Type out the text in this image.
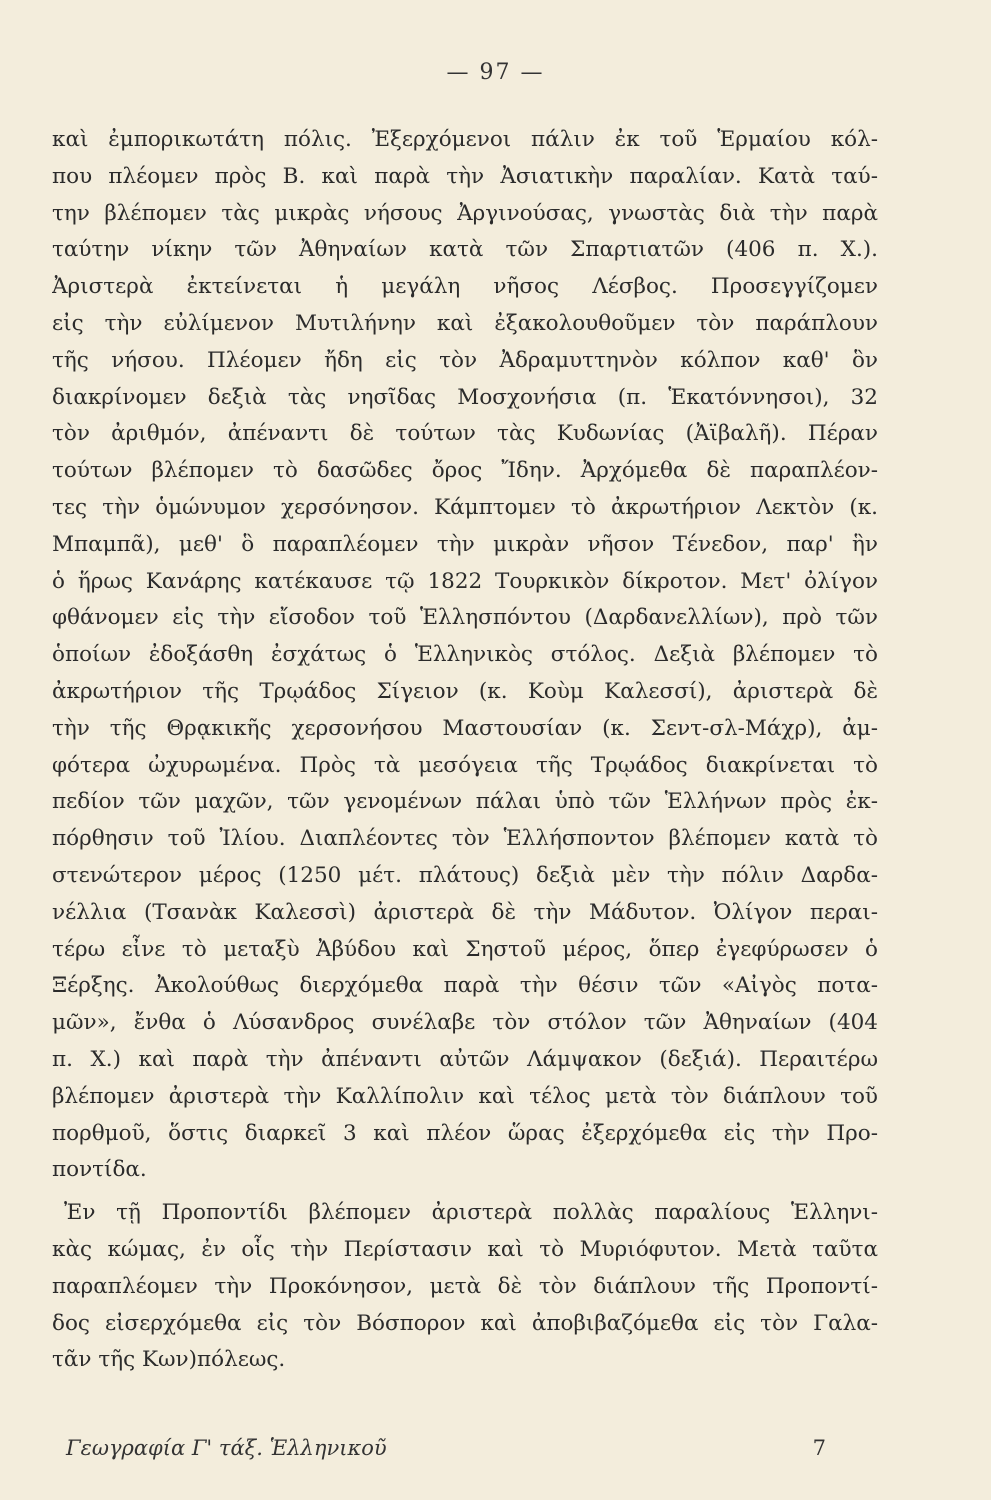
— 97 —
καὶ ἐμπορικωτάτη πόλις. Ἐξερχόμενοι πάλιν ἐκ τοῦ Ἑρμαίου κόλ-
που πλέομεν πρὸς Β. καὶ παρὰ τὴν Ἀσιατικὴν παραλίαν. Κατὰ ταύ-
την βλέπομεν τὰς μικρὰς νήσους Ἀργινούσας, γνωστὰς διὰ τὴν παρὰ
ταύτην νίκην τῶν Ἀθηναίων κατὰ τῶν Σπαρτιατῶν (406 π. Χ.).
Ἀριστερὰ ἐκτείνεται ἡ μεγάλη νῆσος Λέσβος. Προσεγγίζομεν
εἰς τὴν εὐλίμενον Μυτιλήνην καὶ ἐξακολουθοῦμεν τὸν παράπλουν
τῆς νήσου. Πλέομεν ἤδη εἰς τὸν Ἀδραμυττηνὸν κόλπον καθ' ὃν
διακρίνομεν δεξιὰ τὰς νησῖδας Μοσχονήσια (π. Ἑκατόννησοι), 32
τὸν ἀριθμόν, ἀπέναντι δὲ τούτων τὰς Κυδωνίας (Ἀϊβαλῆ). Πέραν
τούτων βλέπομεν τὸ δασῶδες ὄρος Ἴδην. Ἀρχόμεθα δὲ παραπλέον-
τες τὴν ὁμώνυμον χερσόνησον. Κάμπτομεν τὸ ἀκρωτήριον Λεκτὸν (κ.
Μπαμπᾶ), μεθ' ὃ παραπλέομεν τὴν μικρὰν νῆσον Τένεδον, παρ' ἣν
ὁ ἥρως Κανάρης κατέκαυσε τῷ 1822 Τουρκικὸν δίκροτον. Μετ' ὀλίγον
φθάνομεν εἰς τὴν εἴσοδον τοῦ Ἑλλησπόντου (Δαρδανελλίων), πρὸ τῶν
ὁποίων ἐδοξάσθη ἐσχάτως ὁ Ἑλληνικὸς στόλος. Δεξιὰ βλέπομεν τὸ
ἀκρωτήριον τῆς Τρῳάδος Σίγειον (κ. Κοὺμ Καλεσσί), ἀριστερὰ δὲ
τὴν τῆς Θρᾳκικῆς χερσονήσου Μαστουσίαν (κ. Σεντ-σλ-Μάχρ), ἀμ-
φότερα ὠχυρωμένα. Πρὸς τὰ μεσόγεια τῆς Τρῳάδος διακρίνεται τὸ
πεδίον τῶν μαχῶν, τῶν γενομένων πάλαι ὑπὸ τῶν Ἑλλήνων πρὸς ἐκ-
πόρθησιν τοῦ Ἰλίου. Διαπλέοντες τὸν Ἑλλήσποντον βλέπομεν κατὰ τὸ
στενώτερον μέρος (1250 μέτ. πλάτους) δεξιὰ μὲν τὴν πόλιν Δαρδα-
νέλλια (Τσανὰκ Καλεσσὶ) ἀριστερὰ δὲ τὴν Μάδυτον. Ὀλίγον περαι-
τέρω εἶνε τὸ μεταξὺ Ἀβύδου καὶ Σηστοῦ μέρος, ὅπερ ἐγεφύρωσεν ὁ
Ξέρξης. Ἀκολούθως διερχόμεθα παρὰ τὴν θέσιν τῶν «Αἰγὸς ποτα-
μῶν», ἔνθα ὁ Λύσανδρος συνέλαβε τὸν στόλον τῶν Ἀθηναίων (404
π. Χ.) καὶ παρὰ τὴν ἀπέναντι αὐτῶν Λάμψακον (δεξιά). Περαιτέρω
βλέπομεν ἀριστερὰ τὴν Καλλίπολιν καὶ τέλος μετὰ τὸν διάπλουν τοῦ
πορθμοῦ, ὅστις διαρκεῖ 3 καὶ πλέον ὥρας ἐξερχόμεθα εἰς τὴν Προ-
ποντίδα.
Ἐν τῇ Προποντίδι βλέπομεν ἀριστερὰ πολλὰς παραλίους Ἑλληνι-
κὰς κώμας, ἐν οἷς τὴν Περίστασιν καὶ τὸ Μυριόφυτον. Μετὰ ταῦτα
παραπλέομεν τὴν Προκόνησον, μετὰ δὲ τὸν διάπλουν τῆς Προποντί-
δος εἰσερχόμεθα εἰς τὸν Βόσπορον καὶ ἀποβιβαζόμεθα εἰς τὸν Γαλα-
τᾶν τῆς Κων)πόλεως.
Γεωγραφία Γ' τάξ. Ἑλληνικοῦ	7
